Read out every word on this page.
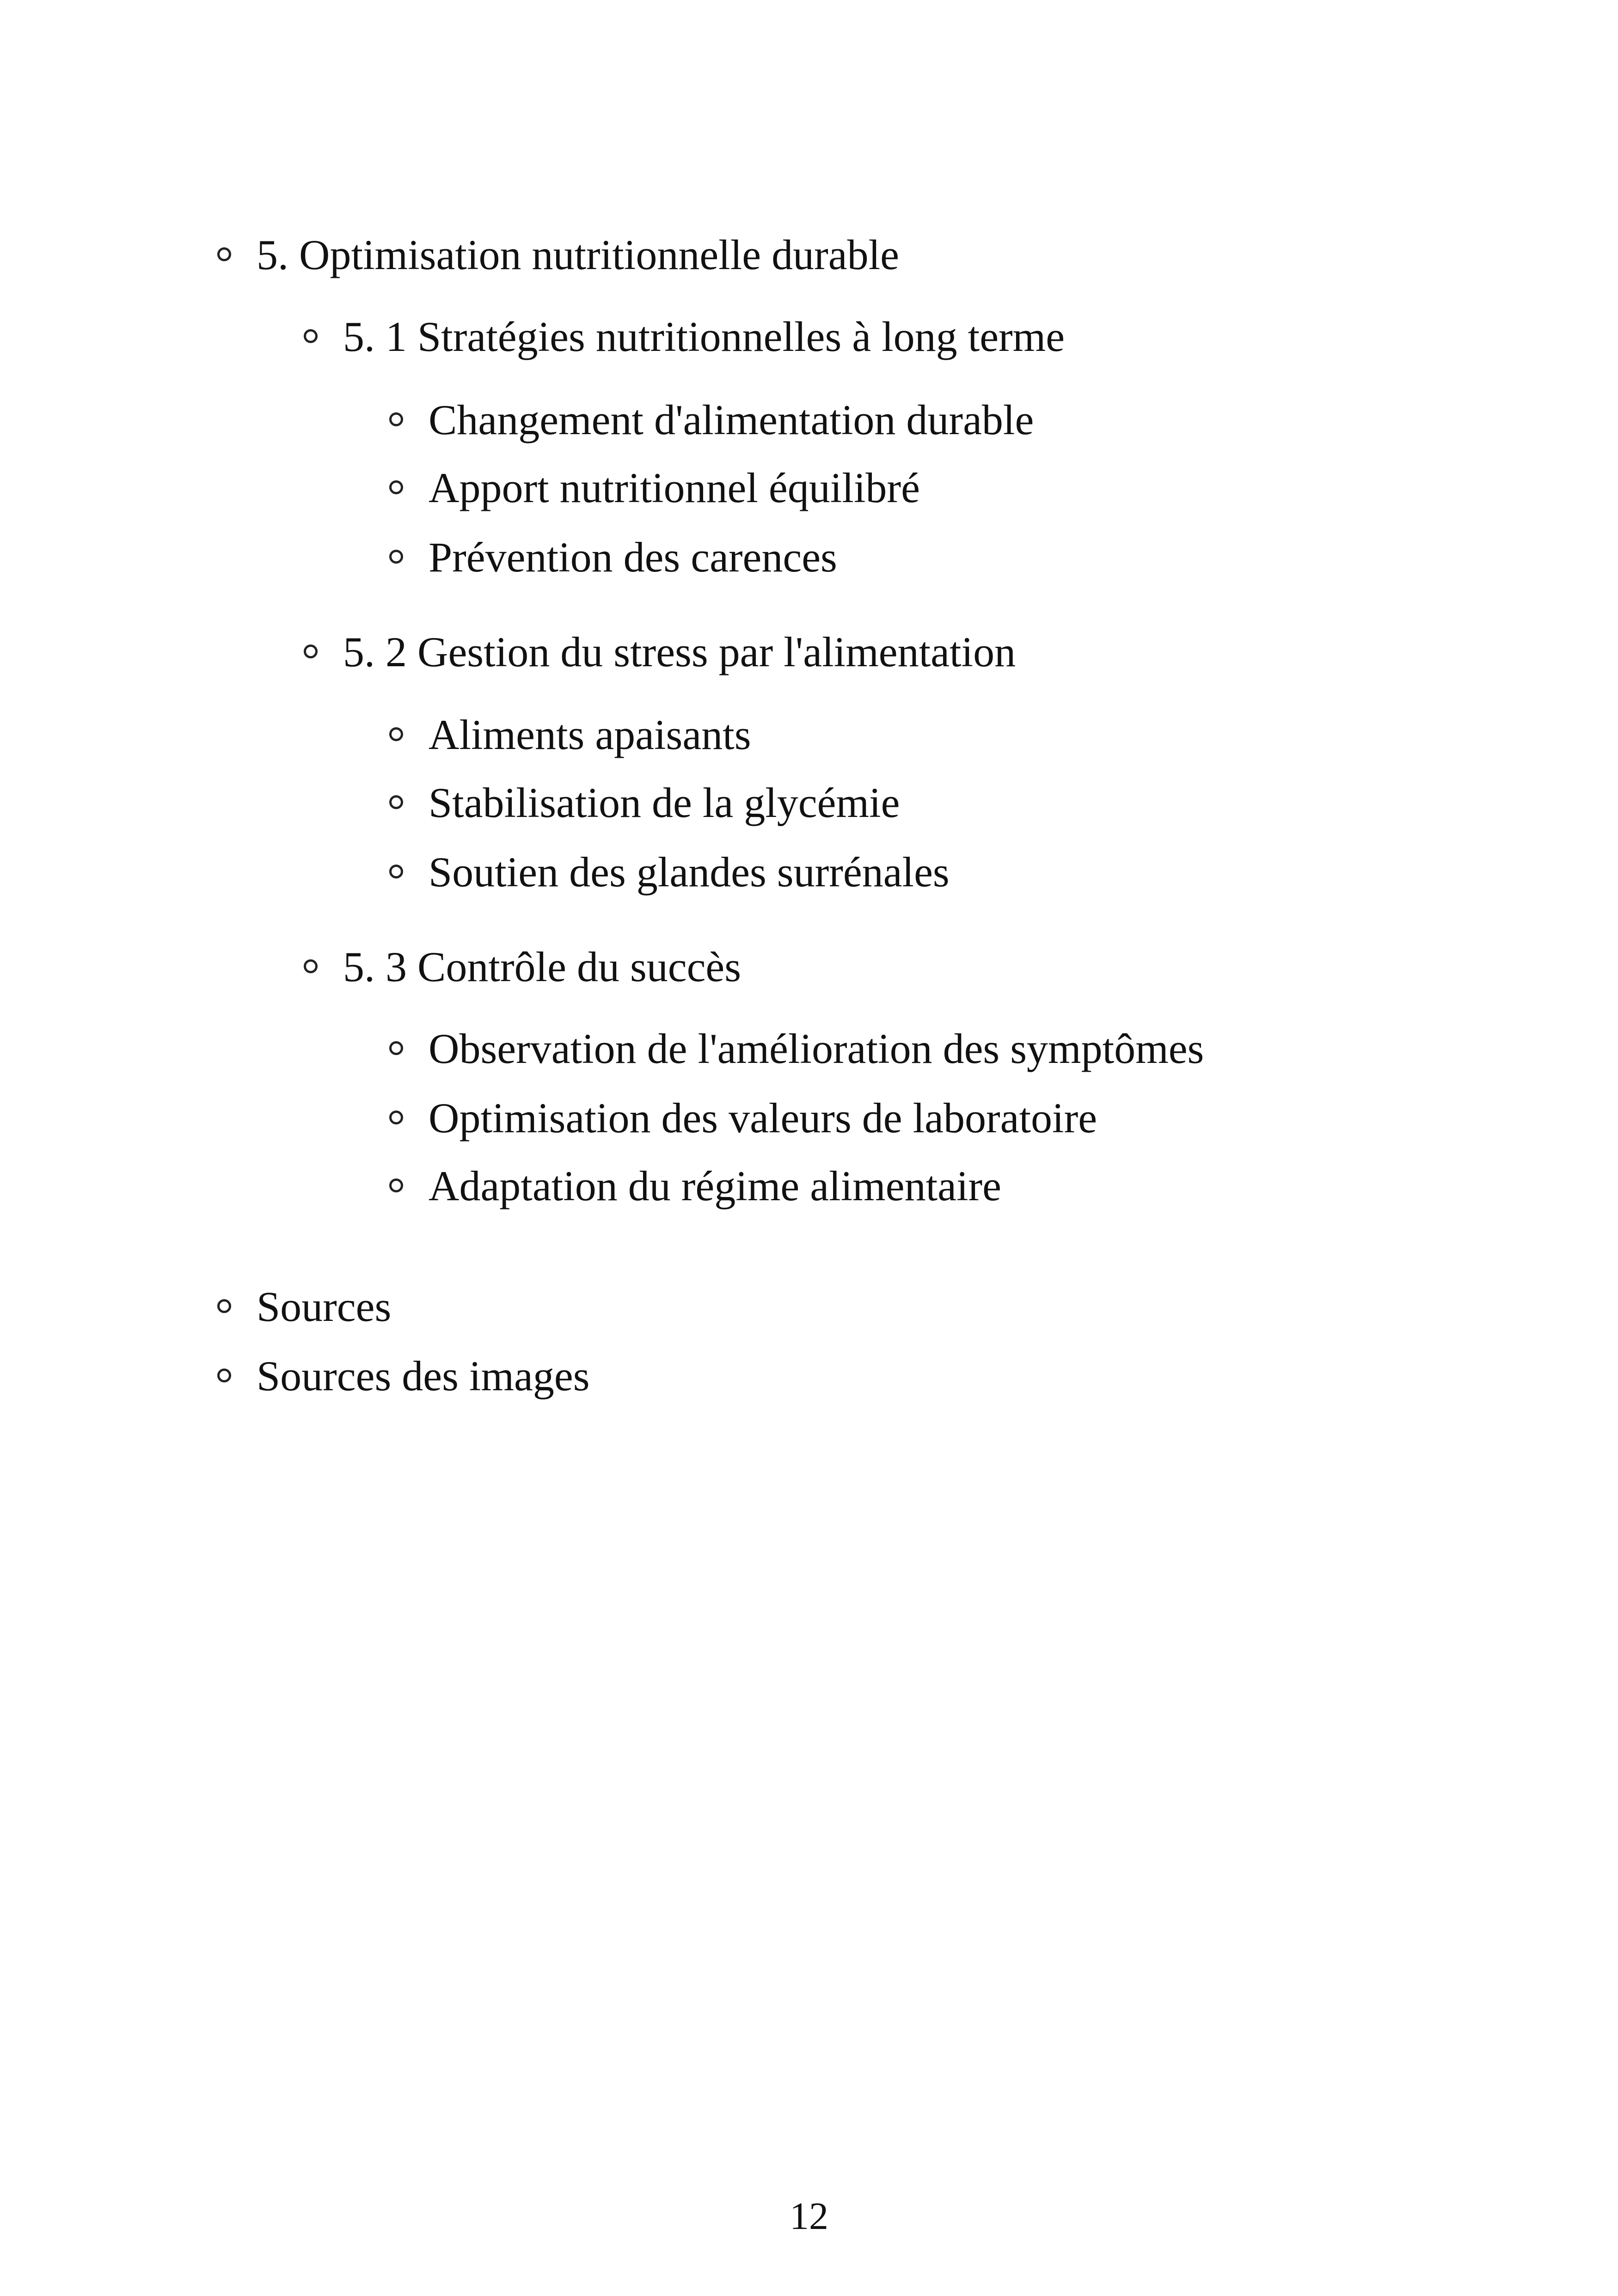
5. Optimisation nutritionnelle durable
5. 1 Stratégies nutritionnelles à long terme
Changement d'alimentation durable
Apport nutritionnel équilibré
Prévention des carences
5. 2 Gestion du stress par l'alimentation
Aliments apaisants
Stabilisation de la glycémie
Soutien des glandes surrénales
5. 3 Contrôle du succès
Observation de l'amélioration des symptômes
Optimisation des valeurs de laboratoire
Adaptation du régime alimentaire
Sources
Sources des images
12
